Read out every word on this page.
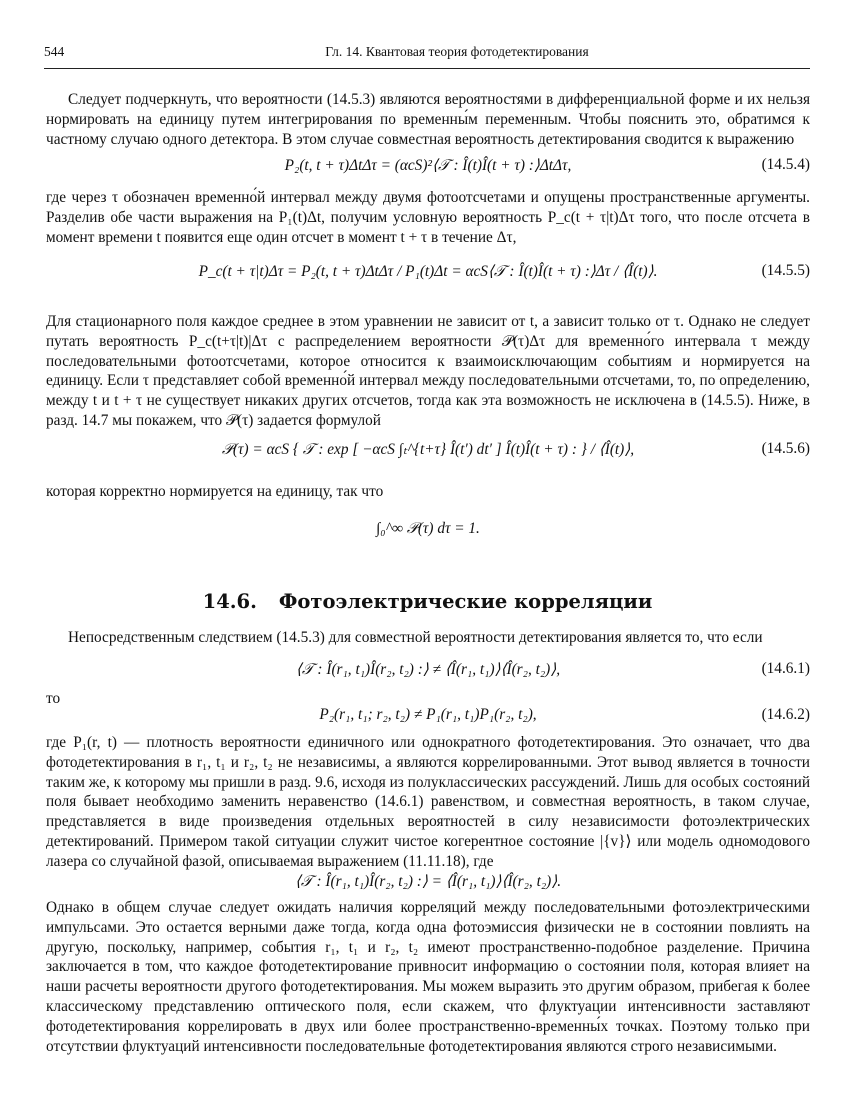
544	Гл. 14. Квантовая теория фотодетектирования

Следует подчеркнуть, что вероятности (14.5.3) являются вероятностями в дифференциальной форме и их нельзя нормировать на единицу путем интегрирования по временны́м переменным. Чтобы пояснить это, обратимся к частному случаю одного детектора. В этом случае совместная вероятность детектирования сводится к выражению

P₂(t, t + τ)ΔtΔτ = (αcS)²⟨𝒯 : Î(t)Î(t + τ) :⟩ΔtΔτ,	(14.5.4)

где через τ обозначен временно́й интервал между двумя фотоотсчетами и опущены пространственные аргументы. Разделив обе части выражения на P₁(t)Δt, получим условную вероятность P_c(t + τ|t)Δτ того, что после отсчета в момент времени t появится еще один отсчет в момент t + τ в течение Δτ,

P_c(t + τ|t)Δτ = P₂(t, t + τ)ΔtΔτ / P₁(t)Δt = αcS⟨𝒯 : Î(t)Î(t + τ) :⟩Δτ / ⟨Î(t)⟩.	(14.5.5)

Для стационарного поля каждое среднее в этом уравнении не зависит от t, а зависит только от τ. Однако не следует путать вероятность P_c(t+τ|t)|Δτ с распределением вероятности 𝒫(τ)Δτ для временно́го интервала τ между последовательными фотоотсчетами, которое относится к взаимоисключающим событиям и нормируется на единицу. Если τ представляет собой временно́й интервал между последовательными отсчетами, то, по определению, между t и t + τ не существует никаких других отсчетов, тогда как эта возможность не исключена в (14.5.5). Ниже, в разд. 14.7 мы покажем, что 𝒫(τ) задается формулой

𝒫(τ) = αcS { 𝒯 : exp [ −αcS ∫ₜ^{t+τ} Î(t′) dt′ ] Î(t)Î(t + τ) : } / ⟨Î(t)⟩,	(14.5.6)

которая корректно нормируется на единицу, так что

∫₀^∞ 𝒫(τ) dτ = 1.
14.6. Фотоэлектрические корреляции

Непосредственным следствием (14.5.3) для совместной вероятности детектирования является то, что если

⟨𝒯 : Î(r₁, t₁)Î(r₂, t₂) :⟩ ≠ ⟨Î(r₁, t₁)⟩⟨Î(r₂, t₂)⟩,	(14.6.1)

то

P₂(r₁, t₁; r₂, t₂) ≠ P₁(r₁, t₁)P₁(r₂, t₂),	(14.6.2)

где P₁(r, t) — плотность вероятности единичного или однократного фотодетектирования. Это означает, что два фотодетектирования в r₁, t₁ и r₂, t₂ не независимы, а являются коррелированными. Этот вывод является в точности таким же, к которому мы пришли в разд. 9.6, исходя из полуклассических рассуждений. Лишь для особых состояний поля бывает необходимо заменить неравенство (14.6.1) равенством, и совместная вероятность, в таком случае, представляется в виде произведения отдельных вероятностей в силу независимости фотоэлектрических детектирований. Примером такой ситуации служит чистое когерентное состояние |{v}⟩ или модель одномодового лазера со случайной фазой, описываемая выражением (11.11.18), где

⟨𝒯 : Î(r₁, t₁)Î(r₂, t₂) :⟩ = ⟨Î(r₁, t₁)⟩⟨Î(r₂, t₂)⟩.

Однако в общем случае следует ожидать наличия корреляций между последовательными фотоэлектрическими импульсами. Это остается верными даже тогда, когда одна фотоэмиссия физически не в состоянии повлиять на другую, поскольку, например, события r₁, t₁ и r₂, t₂ имеют пространственно-подобное разделение. Причина заключается в том, что каждое фотодетектирование привносит информацию о состоянии поля, которая влияет на наши расчеты вероятности другого фотодетектирования. Мы можем выразить это другим образом, прибегая к более классическому представлению оптического поля, если скажем, что флуктуации интенсивности заставляют фотодетектирования коррелировать в двух или более пространственно-временны́х точках. Поэтому только при отсутствии флуктуаций интенсивности последовательные фотодетектирования являются строго независимыми.
